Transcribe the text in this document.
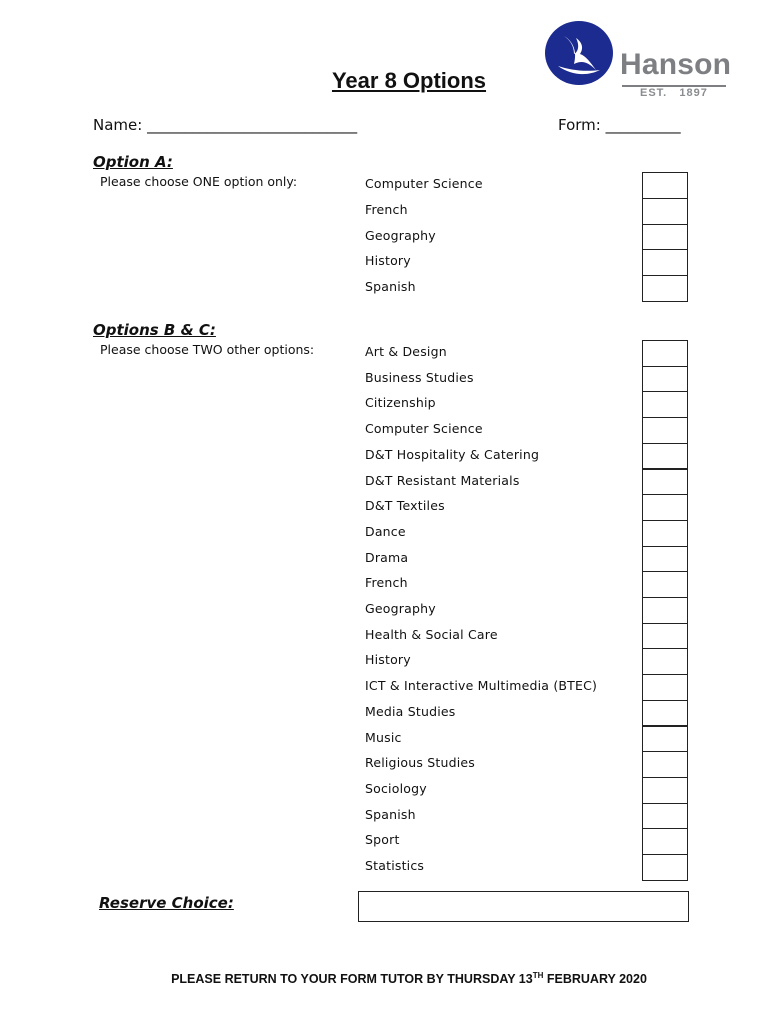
Hanson
EST.   1897
Year 8 Options
Name: ____________________________	Form: __________
Option A:
Please choose ONE option only:	Computer Science
French
Geography
History
Spanish
Options B & C:
Please choose TWO other options:	Art & Design
Business Studies
Citizenship
Computer Science
D&T Hospitality & Catering
D&T Resistant Materials
D&T Textiles
Dance
Drama
French
Geography
Health & Social Care
History
ICT & Interactive Multimedia (BTEC)
Media Studies
Music
Religious Studies
Sociology
Spanish
Sport
Statistics
Reserve Choice:
PLEASE RETURN TO YOUR FORM TUTOR BY THURSDAY 13TH FEBRUARY 2020
